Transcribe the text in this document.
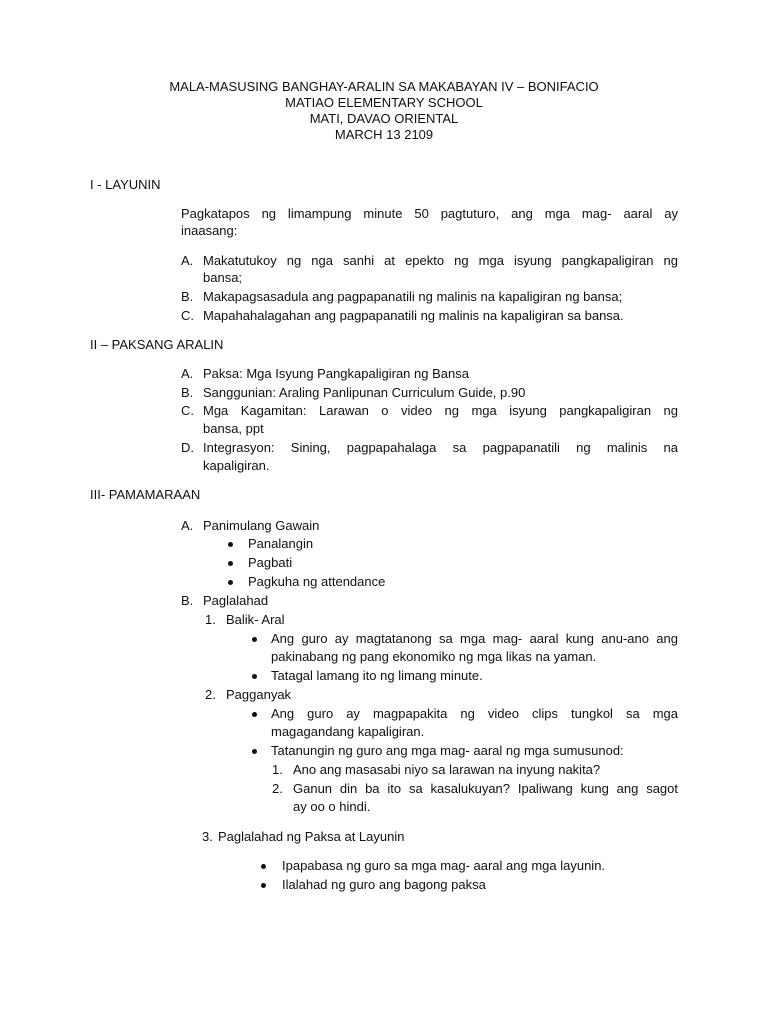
MALA-MASUSING BANGHAY-ARALIN SA MAKABAYAN IV – BONIFACIO
MATIAO ELEMENTARY SCHOOL
MATI, DAVAO ORIENTAL
MARCH 13 2109
I - LAYUNIN
Pagkatapos ng limampung minute 50 pagtuturo, ang mga mag- aaral ay
inaasang:
A. Makatutukoy ng nga sanhi at epekto ng mga isyung pangkapaligiran ng
bansa;
B. Makapagsasadula ang pagpapanatili ng malinis na kapaligiran ng bansa;
C. Mapahahalagahan ang pagpapanatili ng malinis na kapaligiran sa bansa.
II – PAKSANG ARALIN
A. Paksa: Mga Isyung Pangkapaligiran ng Bansa
B. Sanggunian: Araling Panlipunan Curriculum Guide, p.90
C. Mga Kagamitan: Larawan o video ng mga isyung pangkapaligiran ng
bansa, ppt
D. Integrasyon: Sining, pagpapahalaga sa pagpapanatili ng malinis na
kapaligiran.
III- PAMAMARAAN
A. Panimulang Gawain
Panalangin
Pagbati
Pagkuha ng attendance
B. Paglalahad
1. Balik- Aral
Ang guro ay magtatanong sa mga mag- aaral kung anu-ano ang
pakinabang ng pang ekonomiko ng mga likas na yaman.
Tatagal lamang ito ng limang minute.
2. Pagganyak
Ang guro ay magpapakita ng video clips tungkol sa mga
magagandang kapaligiran.
Tatanungin ng guro ang mga mag- aaral ng mga sumusunod:
1. Ano ang masasabi niyo sa larawan na inyung nakita?
2. Ganun din ba ito sa kasalukuyan? Ipaliwang kung ang sagot
ay oo o hindi.
3. Paglalahad ng Paksa at Layunin
Ipapabasa ng guro sa mga mag- aaral ang mga layunin.
Ilalahad ng guro ang bagong paksa
